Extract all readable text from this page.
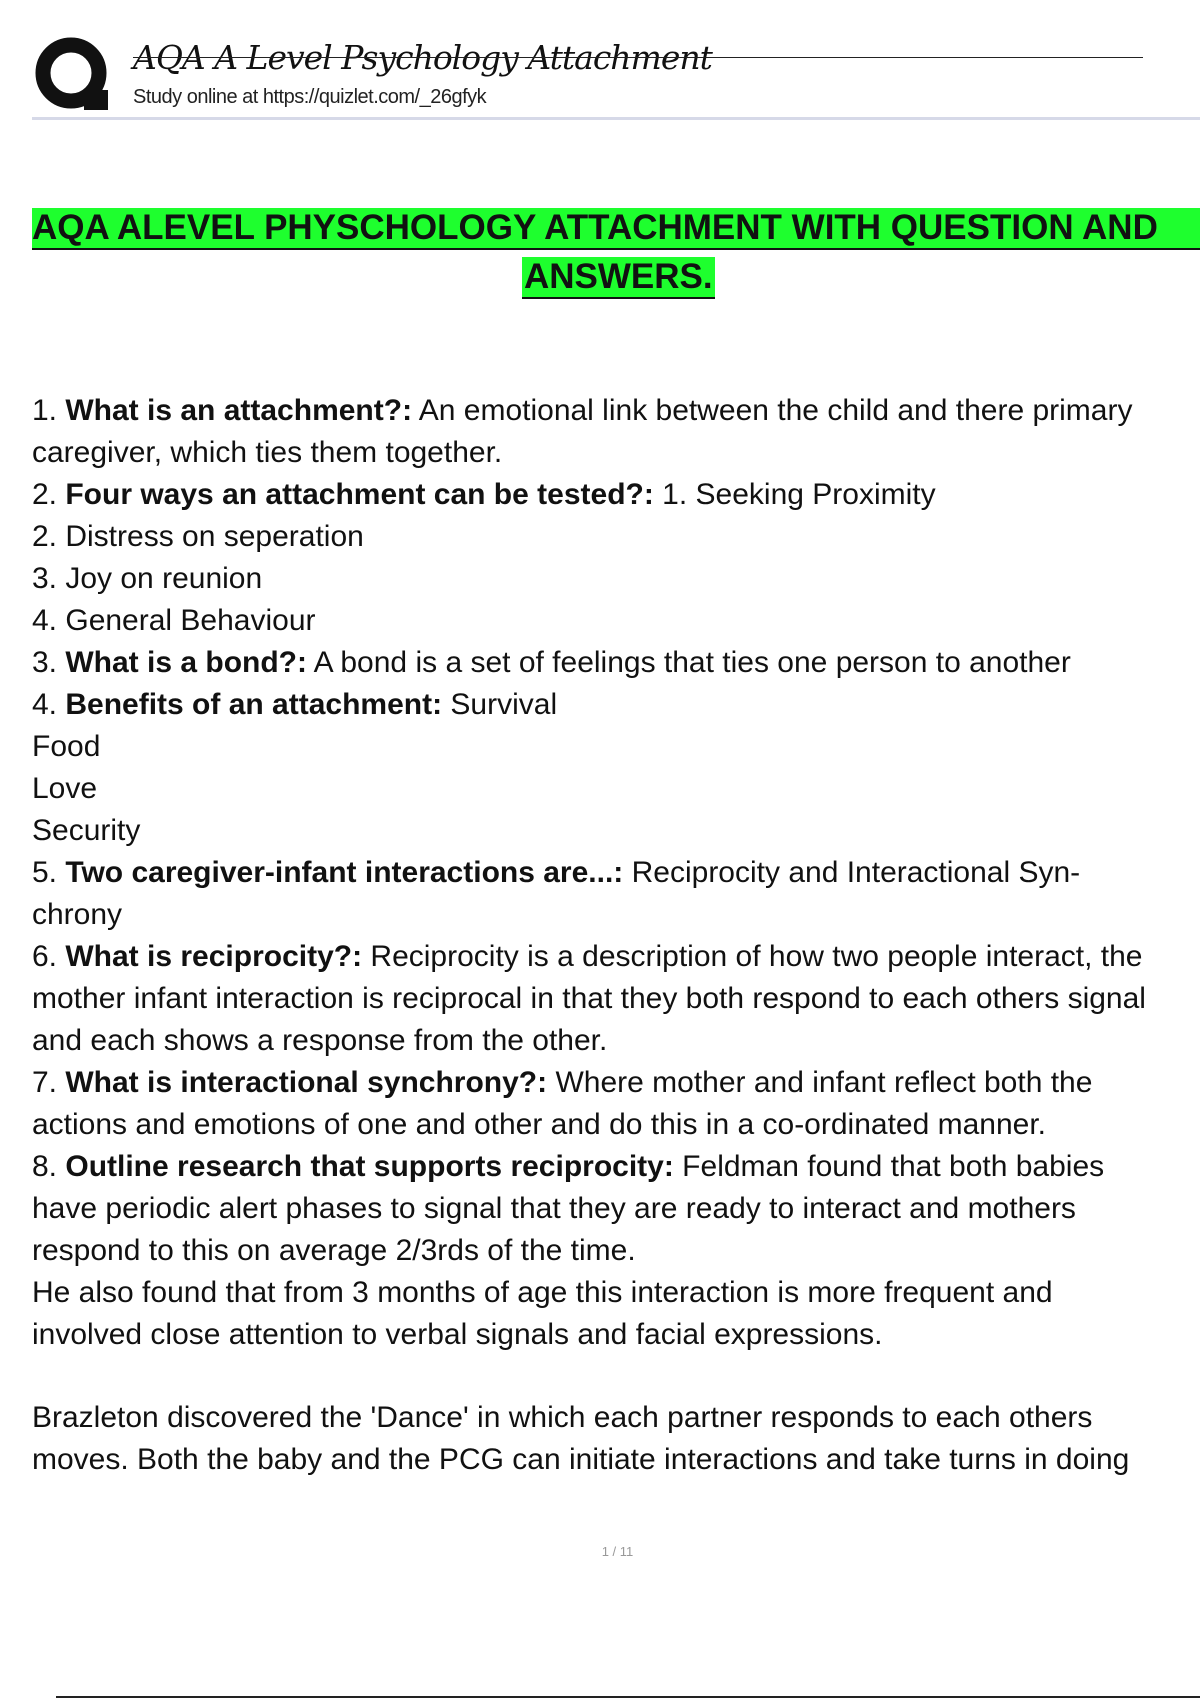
AQA A Level Psychology Attachment
Study online at https://quizlet.com/_26gfyk
AQA ALEVEL PHYSCHOLOGY ATTACHMENT WITH QUESTION AND
ANSWERS.
1. What is an attachment?: An emotional link between the child and there primary
caregiver, which ties them together.
2. Four ways an attachment can be tested?: 1. Seeking Proximity
2. Distress on seperation
3. Joy on reunion
4. General Behaviour
3. What is a bond?: A bond is a set of feelings that ties one person to another
4. Benefits of an attachment: Survival
Food
Love
Security
5. Two caregiver-infant interactions are...: Reciprocity and Interactional Syn-
chrony
6. What is reciprocity?: Reciprocity is a description of how two people interact, the
mother infant interaction is reciprocal in that they both respond to each others signal
and each shows a response from the other.
7. What is interactional synchrony?: Where mother and infant reflect both the
actions and emotions of one and other and do this in a co-ordinated manner.
8. Outline research that supports reciprocity: Feldman found that both babies
have periodic alert phases to signal that they are ready to interact and mothers
respond to this on average 2/3rds of the time.
He also found that from 3 months of age this interaction is more frequent and
involved close attention to verbal signals and facial expressions.
Brazleton discovered the 'Dance' in which each partner responds to each others
moves. Both the baby and the PCG can initiate interactions and take turns in doing
1 / 11
